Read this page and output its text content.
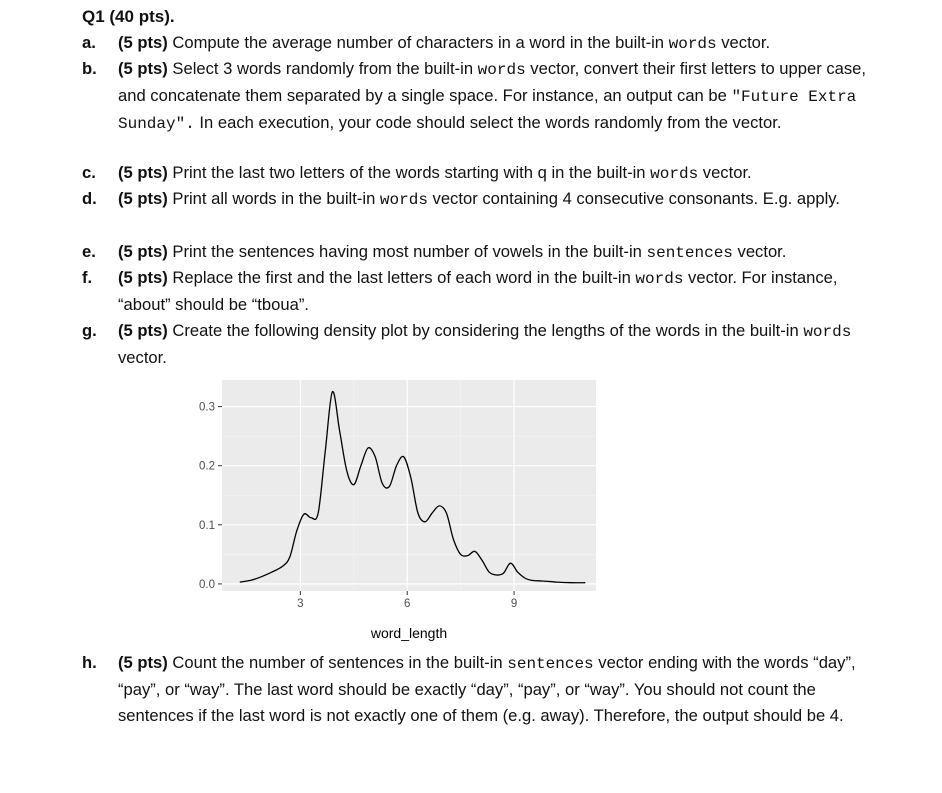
Q1 (40 pts).
a.	(5 pts) Compute the average number of characters in a word in the built-in words vector.
b.	(5 pts) Select 3 words randomly from the built-in words vector, convert their first letters to upper case, and concatenate them separated by a single space. For instance, an output can be "Future Extra Sunday". In each execution, your code should select the words randomly from the vector.
c.	(5 pts) Print the last two letters of the words starting with q in the built-in words vector.
d.	(5 pts) Print all words in the built-in words vector containing 4 consecutive consonants. E.g. apply.
e.	(5 pts) Print the sentences having most number of vowels in the built-in sentences vector.
f.	(5 pts) Replace the first and the last letters of each word in the built-in words vector. For instance, “about” should be “tboua”.
g.	(5 pts) Create the following density plot by considering the lengths of the words in the built-in words vector.
0.0
0.1
0.2
0.3
3	6	9
word_length
h.	(5 pts) Count the number of sentences in the built-in sentences vector ending with the words “day”, “pay”, or “way”. The last word should be exactly “day”, “pay”, or “way”. You should not count the sentences if the last word is not exactly one of them (e.g. away). Therefore, the output should be 4.
